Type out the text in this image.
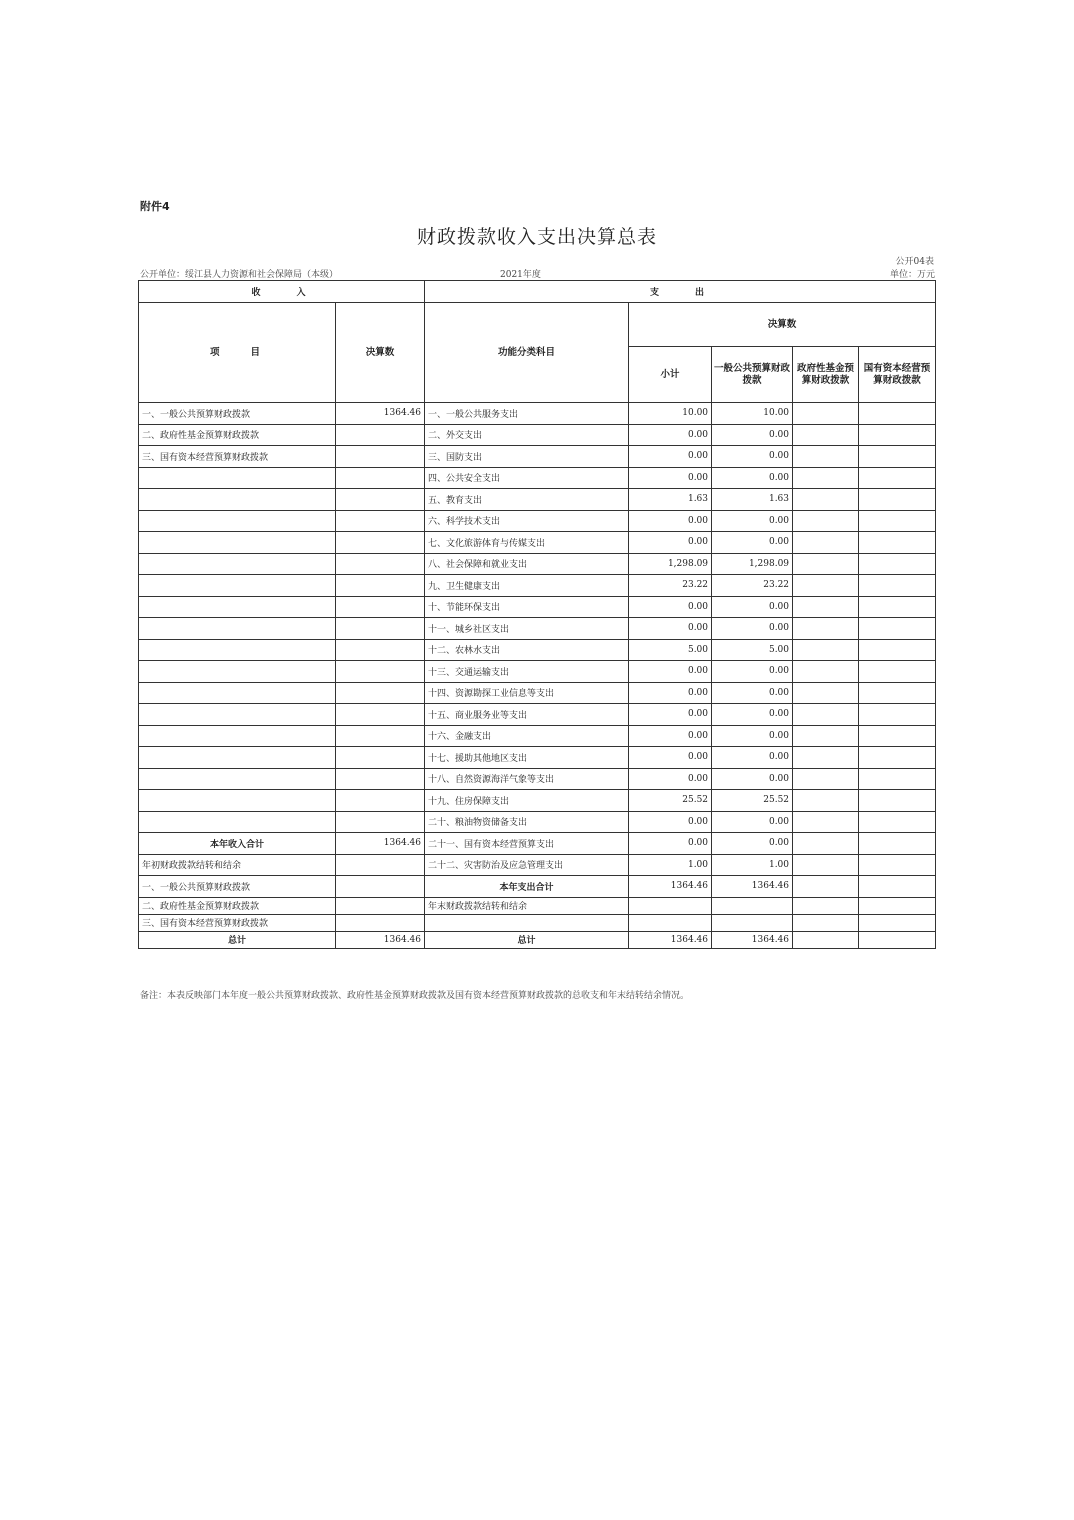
附件4
财政拨款收入支出决算总表
公开04表
公开单位：绥江县人力资源和社会保障局（本级）	2021年度	单位：万元
收　　入		支　　出				
项　　目	决算数	功能分类科目	决算数			
			小计	一般公共预算财政拨款	政府性基金预算财政拨款	国有资本经营预算财政拨款
一、一般公共预算财政拨款	1364.46	一、一般公共服务支出	10.00	10.00		
二、政府性基金预算财政拨款		二、外交支出	0.00	0.00		
三、国有资本经营预算财政拨款		三、国防支出	0.00	0.00		
		四、公共安全支出	0.00	0.00		
		五、教育支出	1.63	1.63		
		六、科学技术支出	0.00	0.00		
		七、文化旅游体育与传媒支出	0.00	0.00		
		八、社会保障和就业支出	1,298.09	1,298.09		
		九、卫生健康支出	23.22	23.22		
		十、节能环保支出	0.00	0.00		
		十一、城乡社区支出	0.00	0.00		
		十二、农林水支出	5.00	5.00		
		十三、交通运输支出	0.00	0.00		
		十四、资源勘探工业信息等支出	0.00	0.00		
		十五、商业服务业等支出	0.00	0.00		
		十六、金融支出	0.00	0.00		
		十七、援助其他地区支出	0.00	0.00		
		十八、自然资源海洋气象等支出	0.00	0.00		
		十九、住房保障支出	25.52	25.52		
		二十、粮油物资储备支出	0.00	0.00		
本年收入合计	1364.46	二十一、国有资本经营预算支出	0.00	0.00		
年初财政拨款结转和结余		二十二、灾害防治及应急管理支出	1.00	1.00		
一、一般公共预算财政拨款		本年支出合计	1364.46	1364.46		
二、政府性基金预算财政拨款		年末财政拨款结转和结余				
三、国有资本经营预算财政拨款						
总计	1364.46	总计	1364.46	1364.46		
备注：本表反映部门本年度一般公共预算财政拨款、政府性基金预算财政拨款及国有资本经营预算财政拨款的总收支和年末结转结余情况。
